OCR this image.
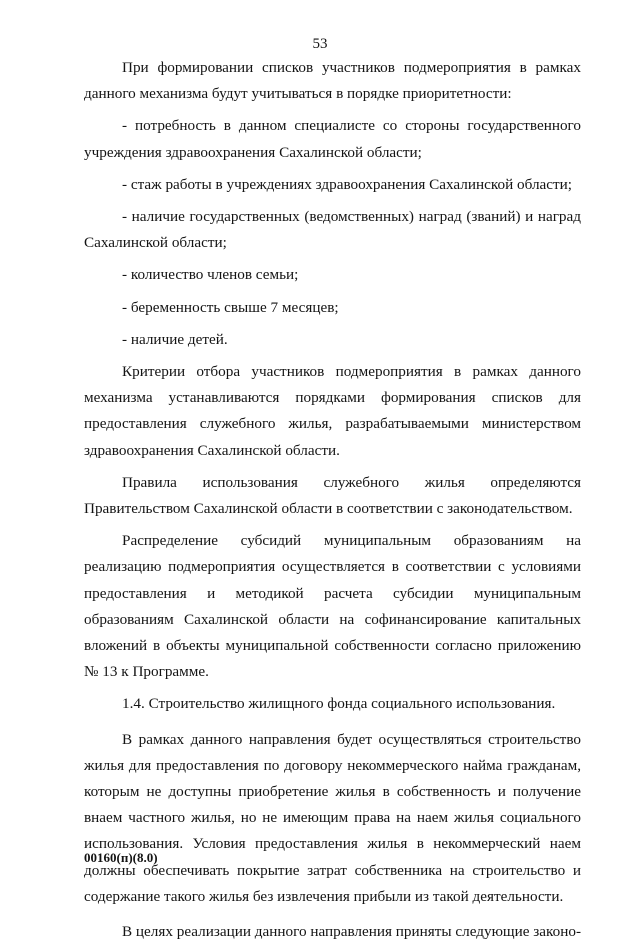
53

При формировании списков участников подмероприятия в рамках данного механизма будут учитываться в порядке приоритетности:

- потребность в данном специалисте со стороны государственного учреждения здравоохранения Сахалинской области;

- стаж работы в учреждениях здравоохранения Сахалинской области;

- наличие государственных (ведомственных) наград (званий) и наград Сахалинской области;

- количество членов семьи;

- беременность свыше 7 месяцев;

- наличие детей.

Критерии отбора участников подмероприятия в рамках данного механизма устанавливаются порядками формирования списков для предоставления служебного жилья, разрабатываемыми министерством здравоохранения Сахалинской области.

Правила использования служебного жилья определяются Правительством Сахалинской области в соответствии с законодательством.

Распределение субсидий муниципальным образованиям на реализацию подмероприятия осуществляется в соответствии с условиями предоставления и методикой расчета субсидии муниципальным образованиям Сахалинской области на софинансирование капитальных вложений в объекты муниципальной собственности согласно приложению № 13 к Программе.

1.4. Строительство жилищного фонда социального использования.

В рамках данного направления будет осуществляться строительство жилья для предоставления по договору некоммерческого найма гражданам, которым не доступны приобретение жилья в собственность и получение внаем частного жилья, но не имеющим права на наем жилья социального использования. Условия предоставления жилья в некоммерческий наем должны обеспечивать покрытие затрат собственника на строительство и содержание такого жилья без извлечения прибыли из такой деятельности.

В целях реализации данного направления приняты следующие законо-

00160(п)(8.0)
